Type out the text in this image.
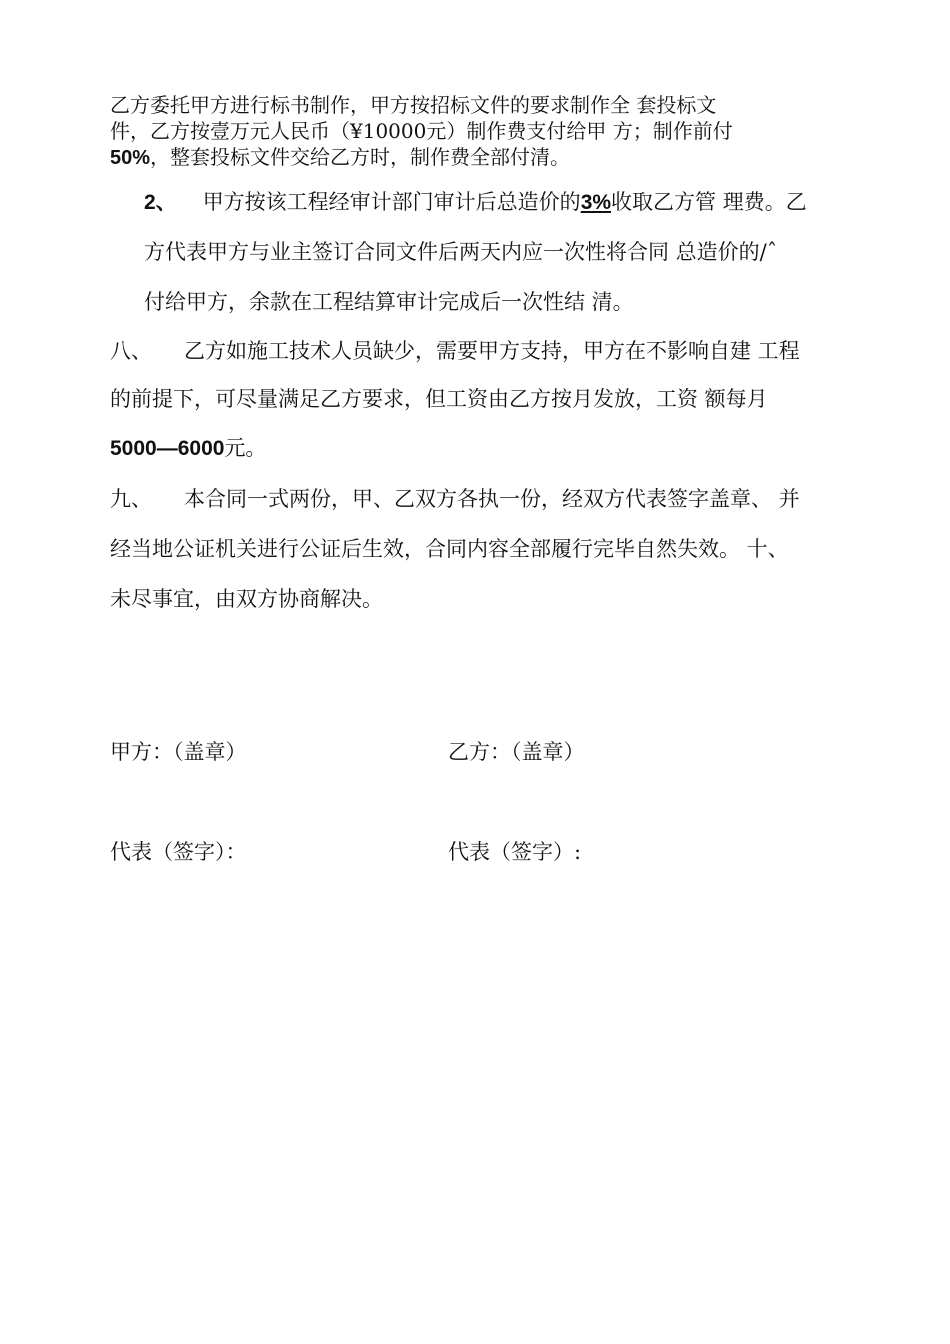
乙方委托甲方进行标书制作，甲方按招标文件的要求制作全 套投标文
件，乙方按壹万元人民币（¥10000元）制作费支付给甲 方；制作前付
50%，整套投标文件交给乙方时，制作费全部付清。
2、 甲方按该工程经审计部门审计后总造价的3%收取乙方管 理费。乙
方代表甲方与业主签订合同文件后两天内应一次性将合同 总造价的/ˆ
付给甲方，余款在工程结算审计完成后一次性结 清。
八、 乙方如施工技术人员缺少，需要甲方支持，甲方在不影响自建 工程
的前提下，可尽量满足乙方要求，但工资由乙方按月发放，工资 额每月
5000—6000元。
九、 本合同一式两份，甲、乙双方各执一份，经双方代表签字盖章、 并
经当地公证机关进行公证后生效，合同内容全部履行完毕自然失效。 十、
未尽事宜，由双方协商解决。
甲方：（盖章）	乙方：（盖章）
代表（签字）：	代表（签字）:
